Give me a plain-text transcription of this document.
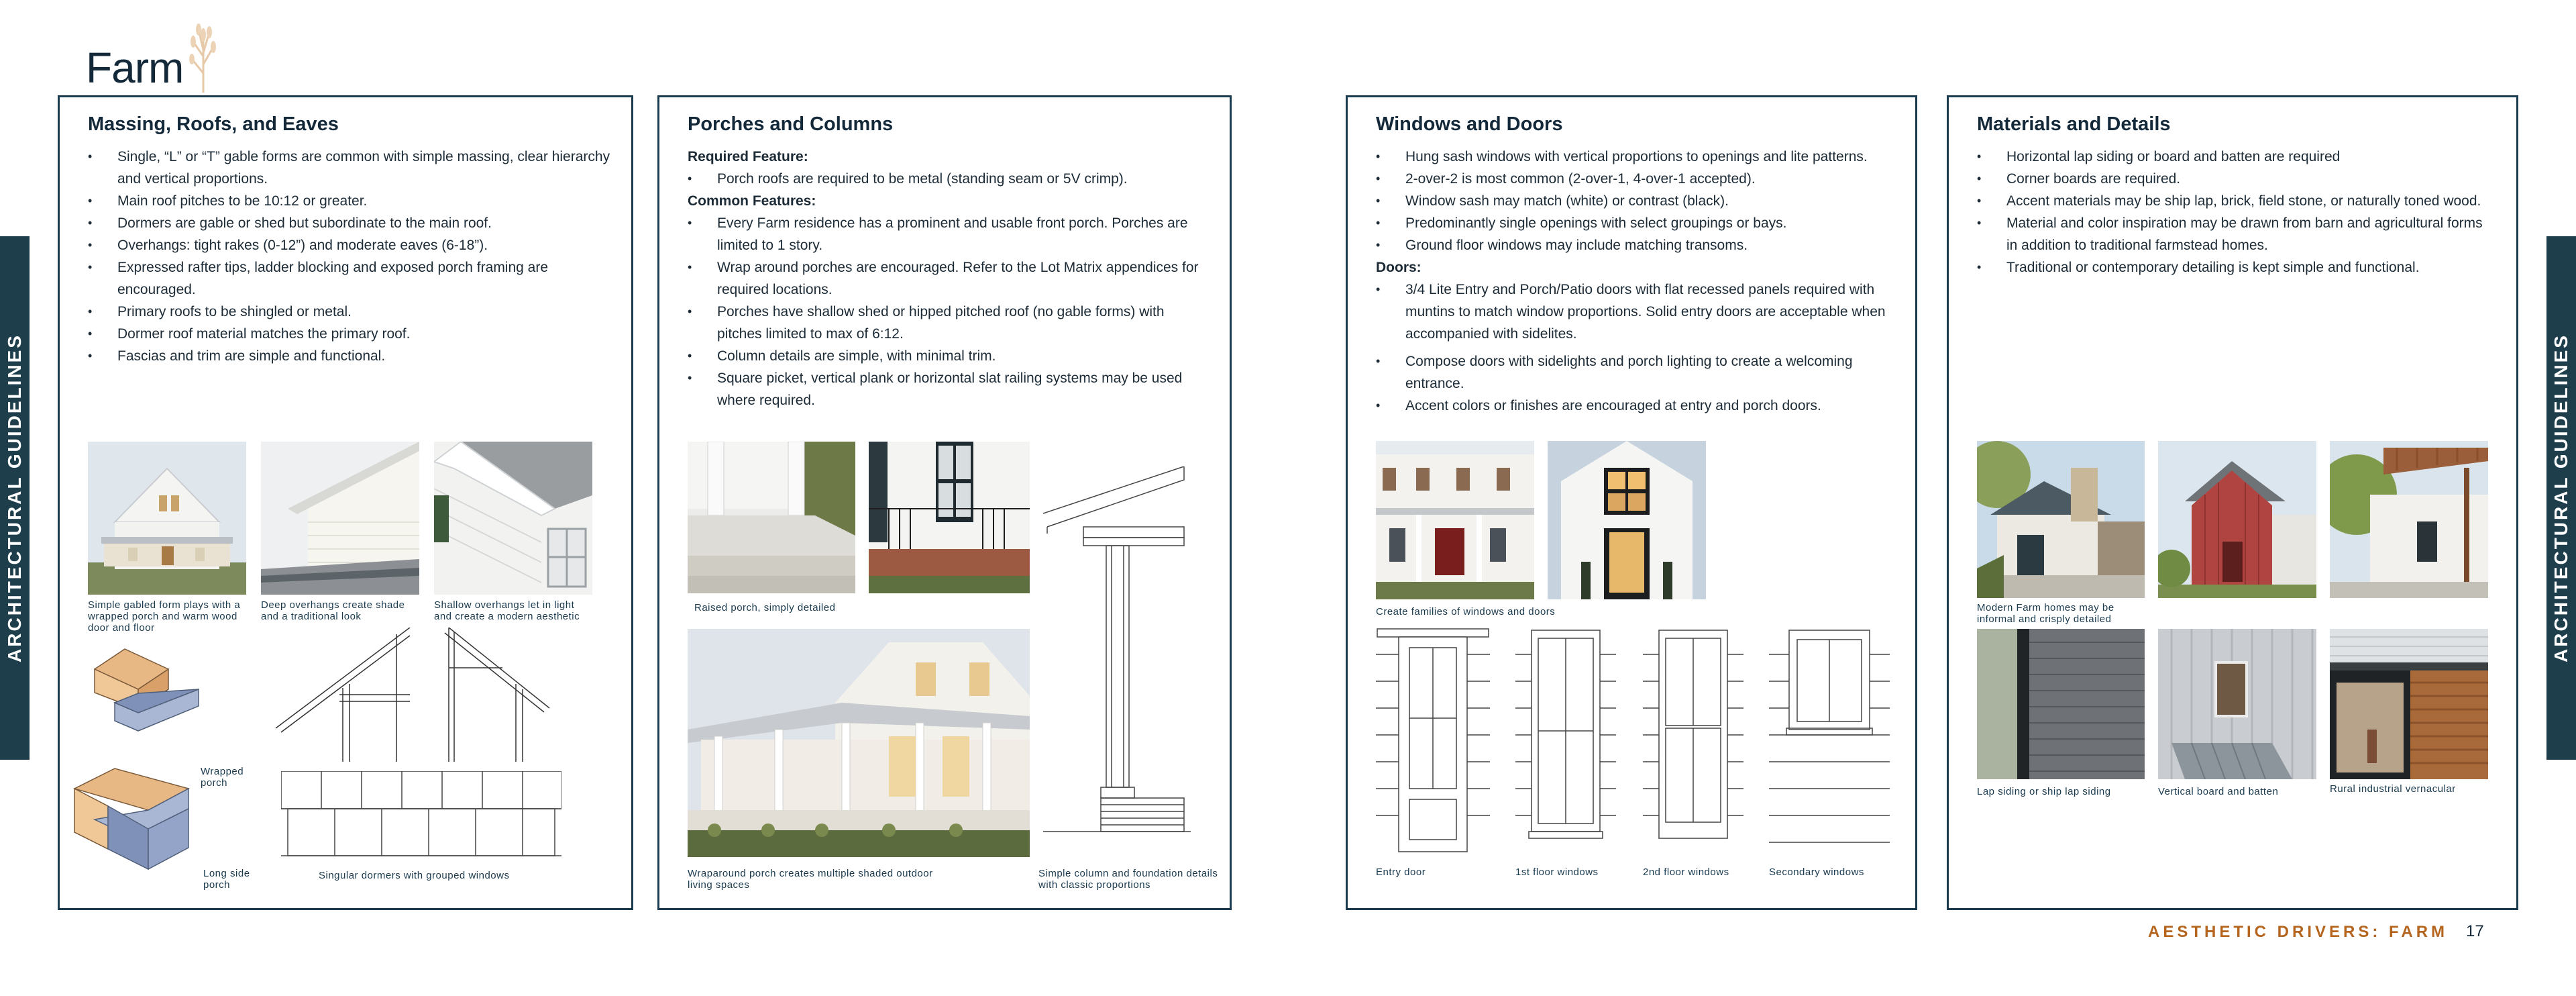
Farm
ARCHITECTURAL GUIDELINES	ARCHITECTURAL GUIDELINES
Massing, Roofs, and Eaves
• Single, “L” or “T” gable forms are common with simple massing, clear hierarchy and vertical proportions.
• Main roof pitches to be 10:12 or greater.
• Dormers are gable or shed but subordinate to the main roof.
• Overhangs: tight rakes (0-12”) and moderate eaves (6-18”).
• Expressed rafter tips, ladder blocking and exposed porch framing are encouraged.
• Primary roofs to be shingled or metal.
• Dormer roof material matches the primary roof.
• Fascias and trim are simple and functional.
Simple gabled form plays with a wrapped porch and warm wood door and floor
Deep overhangs create shade and a traditional look
Shallow overhangs let in light and create a modern aesthetic
Wrapped porch
Long side porch
Singular dormers with grouped windows
Porches and Columns
Required Feature:
• Porch roofs are required to be metal (standing seam or 5V crimp).
Common Features:
• Every Farm residence has a prominent and usable front porch. Porches are limited to 1 story.
• Wrap around porches are encouraged. Refer to the Lot Matrix appendices for required locations.
• Porches have shallow shed or hipped pitched roof (no gable forms) with pitches limited to max of 6:12.
• Column details are simple, with minimal trim.
• Square picket, vertical plank or horizontal slat railing systems may be used where required.
Raised porch, simply detailed
Wraparound porch creates multiple shaded outdoor living spaces
Simple column and foundation details with classic proportions
Windows and Doors
• Hung sash windows with vertical proportions to openings and lite patterns.
• 2-over-2 is most common (2-over-1, 4-over-1 accepted).
• Window sash may match (white) or contrast (black).
• Predominantly single openings with select groupings or bays.
• Ground floor windows may include matching transoms.
Doors:
• 3/4 Lite Entry and Porch/Patio doors with flat recessed panels required with muntins to match window proportions. Solid entry doors are acceptable when accompanied with sidelites.
• Compose doors with sidelights and porch lighting to create a welcoming entrance.
• Accent colors or finishes are encouraged at entry and porch doors.
Create families of windows and doors
Entry door	1st floor windows	2nd floor windows	Secondary windows
Materials and Details
• Horizontal lap siding or board and batten are required
• Corner boards are required.
• Accent materials may be ship lap, brick, field stone, or naturally toned wood.
• Material and color inspiration may be drawn from barn and agricultural forms in addition to traditional farmstead homes.
• Traditional or contemporary detailing is kept simple and functional.
Modern Farm homes may be informal and crisply detailed
Lap siding or ship lap siding	Vertical board and batten	Rural industrial vernacular
AESTHETIC DRIVERS: FARM 17
